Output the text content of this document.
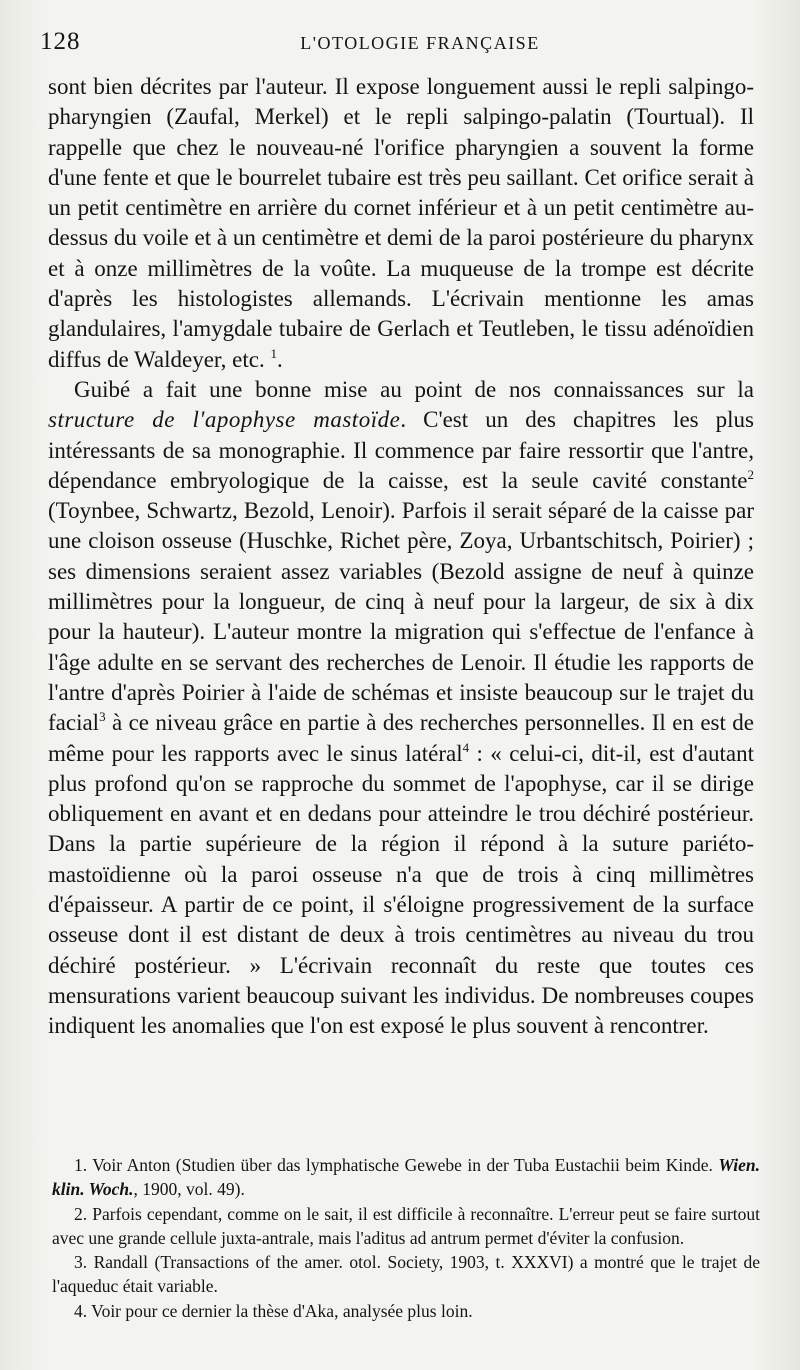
128	L'OTOLOGIE FRANÇAISE

sont bien décrites par l'auteur. Il expose longuement aussi le repli salpingo-pharyngien (Zaufal, Merkel) et le repli salpingo-palatin (Tourtual). Il rappelle que chez le nouveau-né l'orifice pharyngien a souvent la forme d'une fente et que le bourrelet tubaire est très peu saillant. Cet orifice serait à un petit centimètre en arrière du cornet inférieur et à un petit centimètre au-dessus du voile et à un centimètre et demi de la paroi postérieure du pharynx et à onze millimètres de la voûte. La muqueuse de la trompe est décrite d'après les histologistes allemands. L'écrivain mentionne les amas glandulaires, l'amygdale tubaire de Gerlach et Teutleben, le tissu adénoïdien diffus de Waldeyer, etc. $^1$.

Guibé a fait une bonne mise au point de nos connaissances sur la structure de l'apophyse mastoïde. C'est un des chapitres les plus intéressants de sa monographie. Il commence par faire ressortir que l'antre, dépendance embryologique de la caisse, est la seule cavité constante$^2$ (Toynbee, Schwartz, Bezold, Lenoir). Parfois il serait séparé de la caisse par une cloison osseuse (Huschke, Richet père, Zoya, Urbantschitsch, Poirier) ; ses dimensions seraient assez variables (Bezold assigne de neuf à quinze millimètres pour la longueur, de cinq à neuf pour la largeur, de six à dix pour la hauteur). L'auteur montre la migration qui s'effectue de l'enfance à l'âge adulte en se servant des recherches de Lenoir. Il étudie les rapports de l'antre d'après Poirier à l'aide de schémas et insiste beaucoup sur le trajet du facial$^3$ à ce niveau grâce en partie à des recherches personnelles. Il en est de même pour les rapports avec le sinus latéral$^4$ : « celui-ci, dit-il, est d'autant plus profond qu'on se rapproche du sommet de l'apophyse, car il se dirige obliquement en avant et en dedans pour atteindre le trou déchiré postérieur. Dans la partie supérieure de la région il répond à la suture pariéto-mastoïdienne où la paroi osseuse n'a que de trois à cinq millimètres d'épaisseur. A partir de ce point, il s'éloigne progressivement de la surface osseuse dont il est distant de deux à trois centimètres au niveau du trou déchiré postérieur. » L'écrivain reconnaît du reste que toutes ces mensurations varient beaucoup suivant les individus. De nombreuses coupes indiquent les anomalies que l'on est exposé le plus souvent à rencontrer.

1. Voir Anton (Studien über das lymphatische Gewebe in der Tuba Eustachii beim Kinde. Wien. klin. Woch., 1900, vol. 49).

2. Parfois cependant, comme on le sait, il est difficile à reconnaître. L'erreur peut se faire surtout avec une grande cellule juxta-antrale, mais l'aditus ad antrum permet d'éviter la confusion.

3. Randall (Transactions of the amer. otol. Society, 1903, t. XXXVI) a montré que le trajet de l'aqueduc était variable.

4. Voir pour ce dernier la thèse d'Aka, analysée plus loin.
